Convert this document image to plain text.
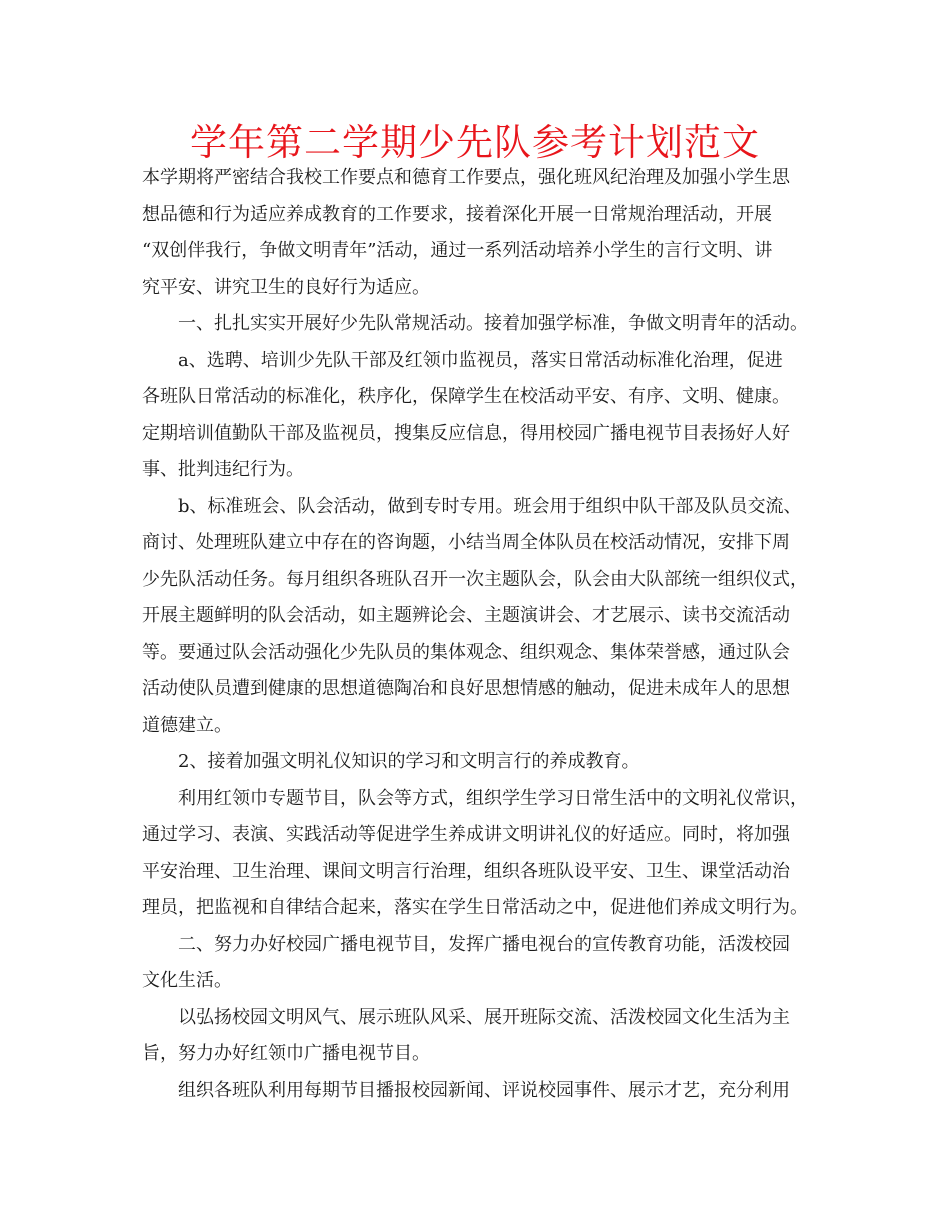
学年第二学期少先队参考计划范文
本学期将严密结合我校工作要点和德育工作要点，强化班风纪治理及加强小学生思
想品德和行为适应养成教育的工作要求，接着深化开展一日常规治理活动，开展
“双创伴我行，争做文明青年”活动，通过一系列活动培养小学生的言行文明、讲
究平安、讲究卫生的良好行为适应。
一、扎扎实实开展好少先队常规活动。接着加强学标准，争做文明青年的活动。
a、选聘、培训少先队干部及红领巾监视员，落实日常活动标准化治理，促进
各班队日常活动的标准化，秩序化，保障学生在校活动平安、有序、文明、健康。
定期培训值勤队干部及监视员，搜集反应信息，得用校园广播电视节目表扬好人好
事、批判违纪行为。
b、标准班会、队会活动，做到专时专用。班会用于组织中队干部及队员交流、
商讨、处理班队建立中存在的咨询题，小结当周全体队员在校活动情况，安排下周
少先队活动任务。每月组织各班队召开一次主题队会，队会由大队部统一组织仪式，
开展主题鲜明的队会活动，如主题辨论会、主题演讲会、才艺展示、读书交流活动
等。要通过队会活动强化少先队员的集体观念、组织观念、集体荣誉感，通过队会
活动使队员遭到健康的思想道德陶冶和良好思想情感的触动，促进未成年人的思想
道德建立。
2、接着加强文明礼仪知识的学习和文明言行的养成教育。
利用红领巾专题节目，队会等方式，组织学生学习日常生活中的文明礼仪常识，
通过学习、表演、实践活动等促进学生养成讲文明讲礼仪的好适应。同时，将加强
平安治理、卫生治理、课间文明言行治理，组织各班队设平安、卫生、课堂活动治
理员，把监视和自律结合起来，落实在学生日常活动之中，促进他们养成文明行为。
二、努力办好校园广播电视节目，发挥广播电视台的宣传教育功能，活泼校园
文化生活。
以弘扬校园文明风气、展示班队风采、展开班际交流、活泼校园文化生活为主
旨，努力办好红领巾广播电视节目。
组织各班队利用每期节目播报校园新闻、评说校园事件、展示才艺，充分利用
